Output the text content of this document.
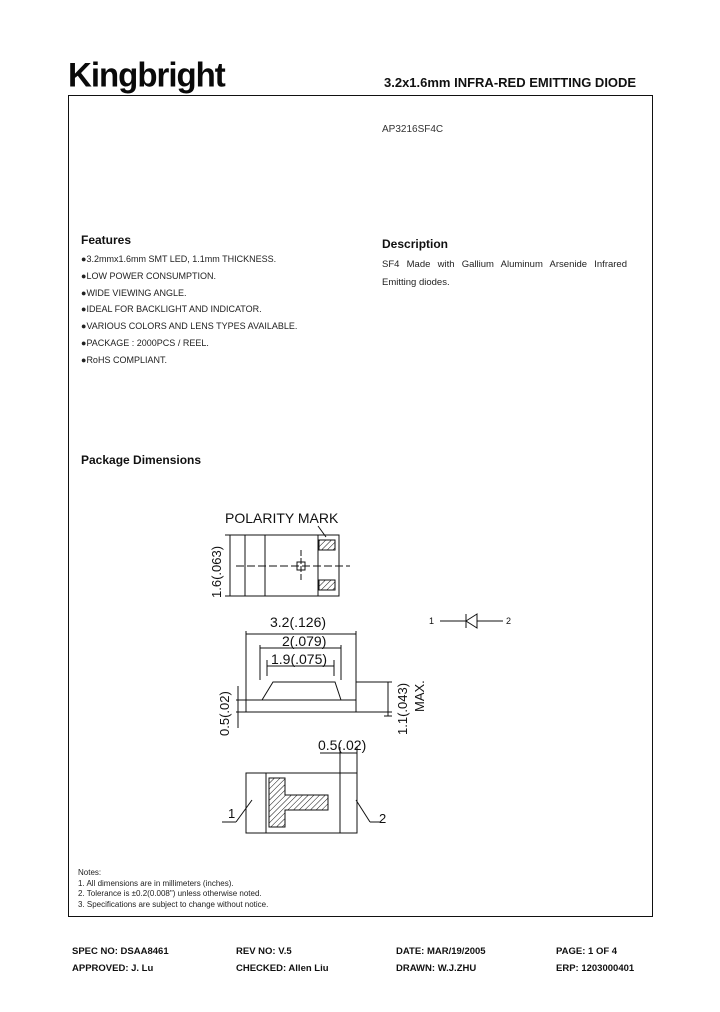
Kingbright	3.2x1.6mm INFRA-RED EMITTING DIODE
AP3216SF4C
Features
●3.2mmx1.6mm SMT LED, 1.1mm THICKNESS.
●LOW POWER CONSUMPTION.
●WIDE VIEWING ANGLE.
●IDEAL FOR BACKLIGHT AND INDICATOR.
●VARIOUS COLORS AND LENS TYPES AVAILABLE.
●PACKAGE : 2000PCS / REEL.
●RoHS COMPLIANT.
Description
SF4 Made with Gallium Aluminum Arsenide Infrared Emitting diodes.
Package Dimensions
POLARITY MARK
1.6(.063)
3.2(.126)
2(.079)
1.9(.075)
0.5(.02)	1.1(.043) MAX.
0.5(.02)
1	2
1	2
Notes:
1. All dimensions are in millimeters (inches).
2. Tolerance is ±0.2(0.008") unless otherwise noted.
3. Specifications are subject to change without notice.
SPEC NO: DSAA8461	REV NO: V.5	DATE: MAR/19/2005	PAGE: 1 OF 4
APPROVED: J. Lu	CHECKED: Allen Liu	DRAWN: W.J.ZHU	ERP: 1203000401
